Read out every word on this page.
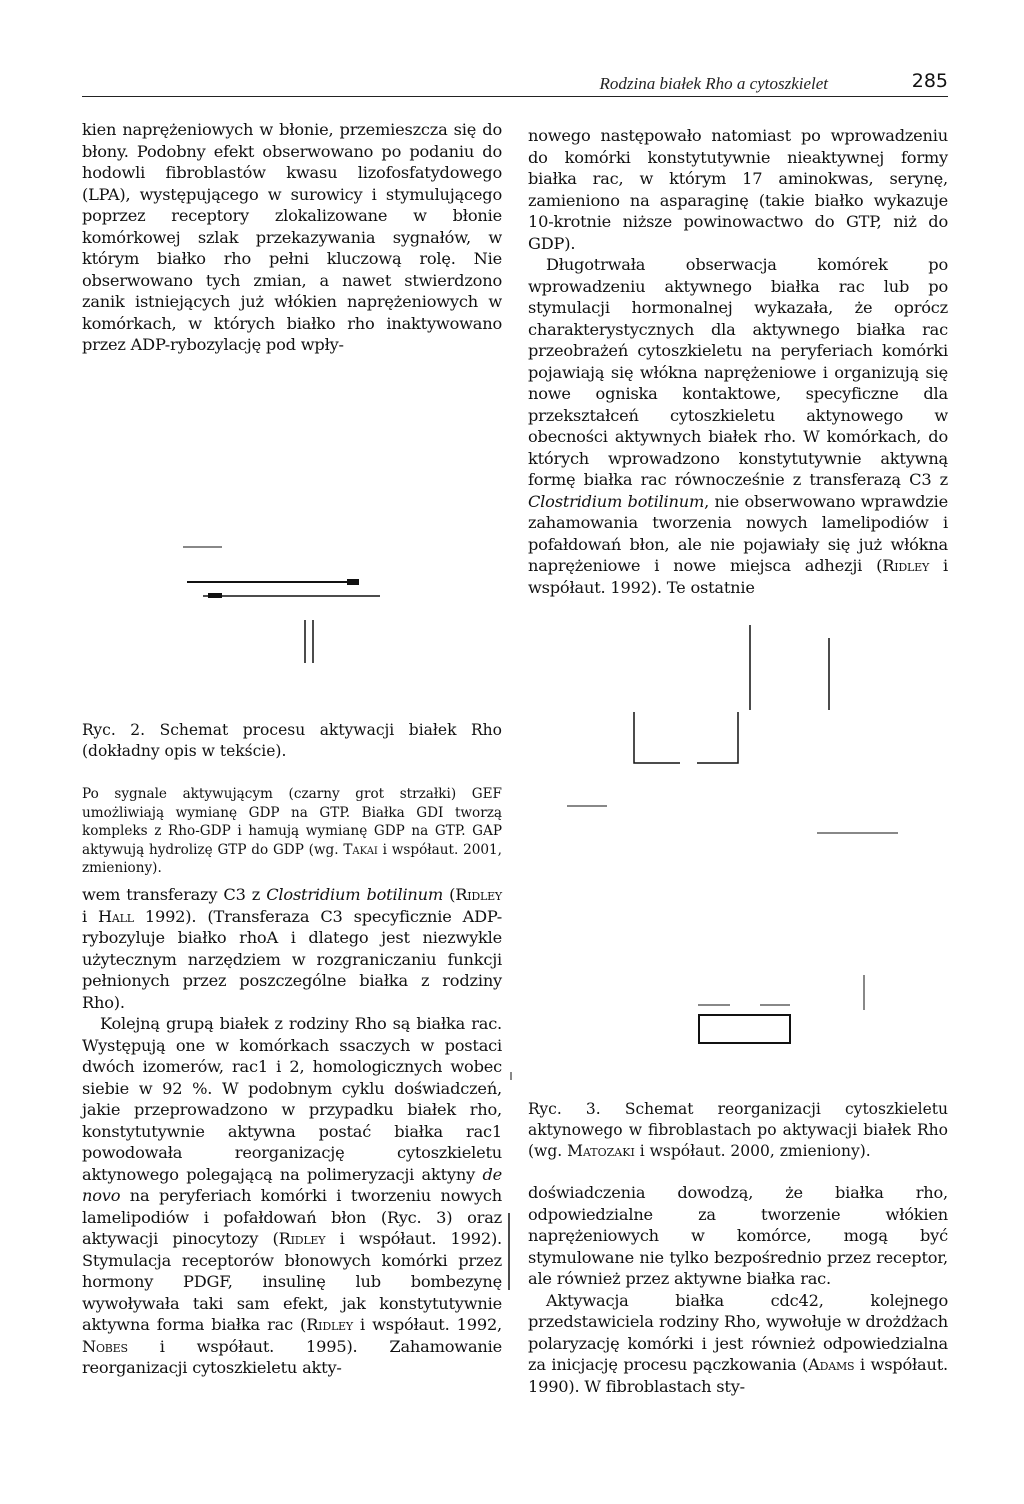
Rodzina białek Rho a cytoszkielet	285

kien naprężeniowych w błonie, przemieszcza się do błony. Podobny efekt obserwowano po podaniu do hodowli fibroblastów kwasu lizofosfatydowego (LPA), występującego w surowicy i stymulującego poprzez receptory zlokalizowane w błonie komórkowej szlak przekazywania sygnałów, w którym białko rho pełni kluczową rolę. Nie obserwowano tych zmian, a nawet stwierdzono zanik istniejących już włókien naprężeniowych w komórkach, w których białko rho inaktywowano przez ADP-rybozylację pod wpły-

nowego następowało natomiast po wprowadzeniu do komórki konstytutywnie nieaktywnej formy białka rac, w którym 17 aminokwas, serynę, zamieniono na asparaginę (takie białko wykazuje 10-krotnie niższe powinowactwo do GTP, niż do GDP).

Długotrwała obserwacja komórek po wprowadzeniu aktywnego białka rac lub po stymulacji hormonalnej wykazała, że oprócz charakterystycznych dla aktywnego białka rac przeobrażeń cytoszkieletu na peryferiach komórki pojawiają się włókna naprężeniowe i organizują się nowe ogniska kontaktowe, specyficzne dla przekształceń cytoszkieletu aktynowego w obecności aktywnych białek rho. W komórkach, do których wprowadzono konstytutywnie aktywną formę białka rac równocześnie z transferazą C3 z Clostridium botilinum, nie obserwowano wprawdzie zahamowania tworzenia nowych lamelipodiów i pofałdowań błon, ale nie pojawiały się już włókna naprężeniowe i nowe miejsca adhezji (Ridley i współaut. 1992). Te ostatnie

Ryc. 2. Schemat procesu aktywacji białek Rho (dokładny opis w tekście).

Po sygnale aktywującym (czarny grot strzałki) GEF umożliwiają wymianę GDP na GTP. Białka GDI tworzą kompleks z Rho-GDP i hamują wymianę GDP na GTP. GAP aktywują hydrolizę GTP do GDP (wg. Takai i współaut. 2001, zmieniony).

wem transferazy C3 z Clostridium botilinum (Ridley i Hall 1992). (Transferaza C3 specyficznie ADP-rybozyluje białko rhoA i dlatego jest niezwykle użytecznym narzędziem w rozgraniczaniu funkcji pełnionych przez poszczególne białka z rodziny Rho).

Kolejną grupą białek z rodziny Rho są białka rac. Występują one w komórkach ssaczych w postaci dwóch izomerów, rac1 i 2, homologicznych wobec siebie w 92 %. W podobnym cyklu doświadczeń, jakie przeprowadzono w przypadku białek rho, konstytutywnie aktywna postać białka rac1 powodowała reorganizację cytoszkieletu aktynowego polegającą na polimeryzacji aktyny de novo na peryferiach komórki i tworzeniu nowych lamelipodiów i pofałdowań błon (Ryc. 3) oraz aktywacji pinocytozy (Ridley i współaut. 1992). Stymulacja receptorów błonowych komórki przez hormony PDGF, insulinę lub bombezynę wywoływała taki sam efekt, jak konstytutywnie aktywna forma białka rac (Ridley i współaut. 1992, Nobes i współaut. 1995). Zahamowanie reorganizacji cytoszkieletu akty-

Ryc. 3. Schemat reorganizacji cytoszkieletu aktynowego w fibroblastach po aktywacji białek Rho (wg. Matozaki i współaut. 2000, zmieniony).

doświadczenia dowodzą, że białka rho, odpowiedzialne za tworzenie włókien naprężeniowych w komórce, mogą być stymulowane nie tylko bezpośrednio przez receptor, ale również przez aktywne białka rac.

Aktywacja białka cdc42, kolejnego przedstawiciela rodziny Rho, wywołuje w drożdżach polaryzację komórki i jest również odpowiedzialna za inicjację procesu pączkowania (Adams i współaut. 1990). W fibroblastach sty-
